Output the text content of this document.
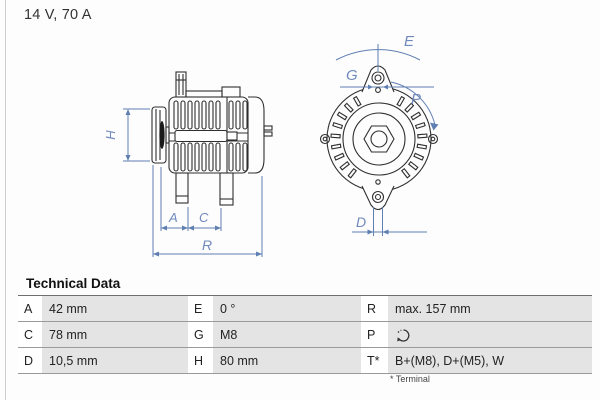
14 V, 70 A
H
A C
R
E
G
P
D
Technical Data
A	42 mm	E	0 °	R	max. 157 mm
C	78 mm	G	M8	P
D	10,5 mm	H	80 mm	T*	B+(M8), D+(M5), W
* Terminal
